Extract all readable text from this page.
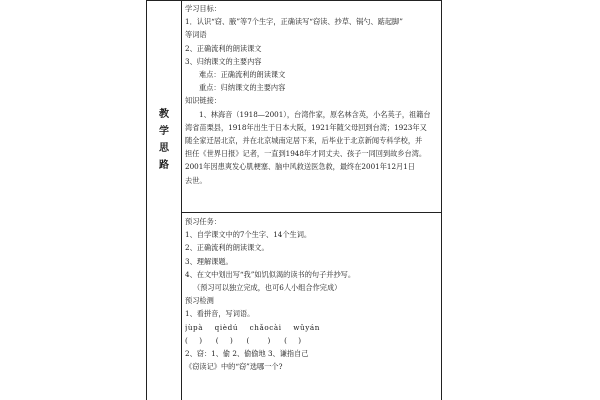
教
学
思
路
学习目标：
1．认识“窃、腋”等7个生字，正确读写“窃读、抄草、锅勺、踮起脚”
等词语
2、正确流利的朗读课文
3、归纳课文的主要内容
难点：正确流利的朗读课文
重点：归纳课文的主要内容
知识链接：
1、林海音（1918—2001），台湾作家，原名林含英，小名英子，祖籍台
湾省苗栗县，1918年出生于日本大阪，1921年随父母回到台湾；1923年又
随全家迁居北京，并在北京城南定居下来，后毕业于北京新闻专科学校，并
担任《世界日报》记者，一直到1948年才同丈夫、孩子一同回到故乡台湾。
2001年因患爽发心肌梗塞、脑中风救送医急救，最终在2001年12月1日
去世。
预习任务：
1、自学课文中的7个生字、14个生词。
2、正确流利的朗读课文。
3、理解课题。
4、在文中划出写“我”如饥似渴的读书的句子并抄写。
（预习可以独立完成，也可6人小组合作完成）
预习检测
1、看拼音，写词语。
jùpà    qièdú    chǎocài    wǔyán
(     )      (     )      (        )      (     )
2、窃：1、偷 2、偷偷地 3、谦指自己
《窃读记》中的“窃”选哪一个?
